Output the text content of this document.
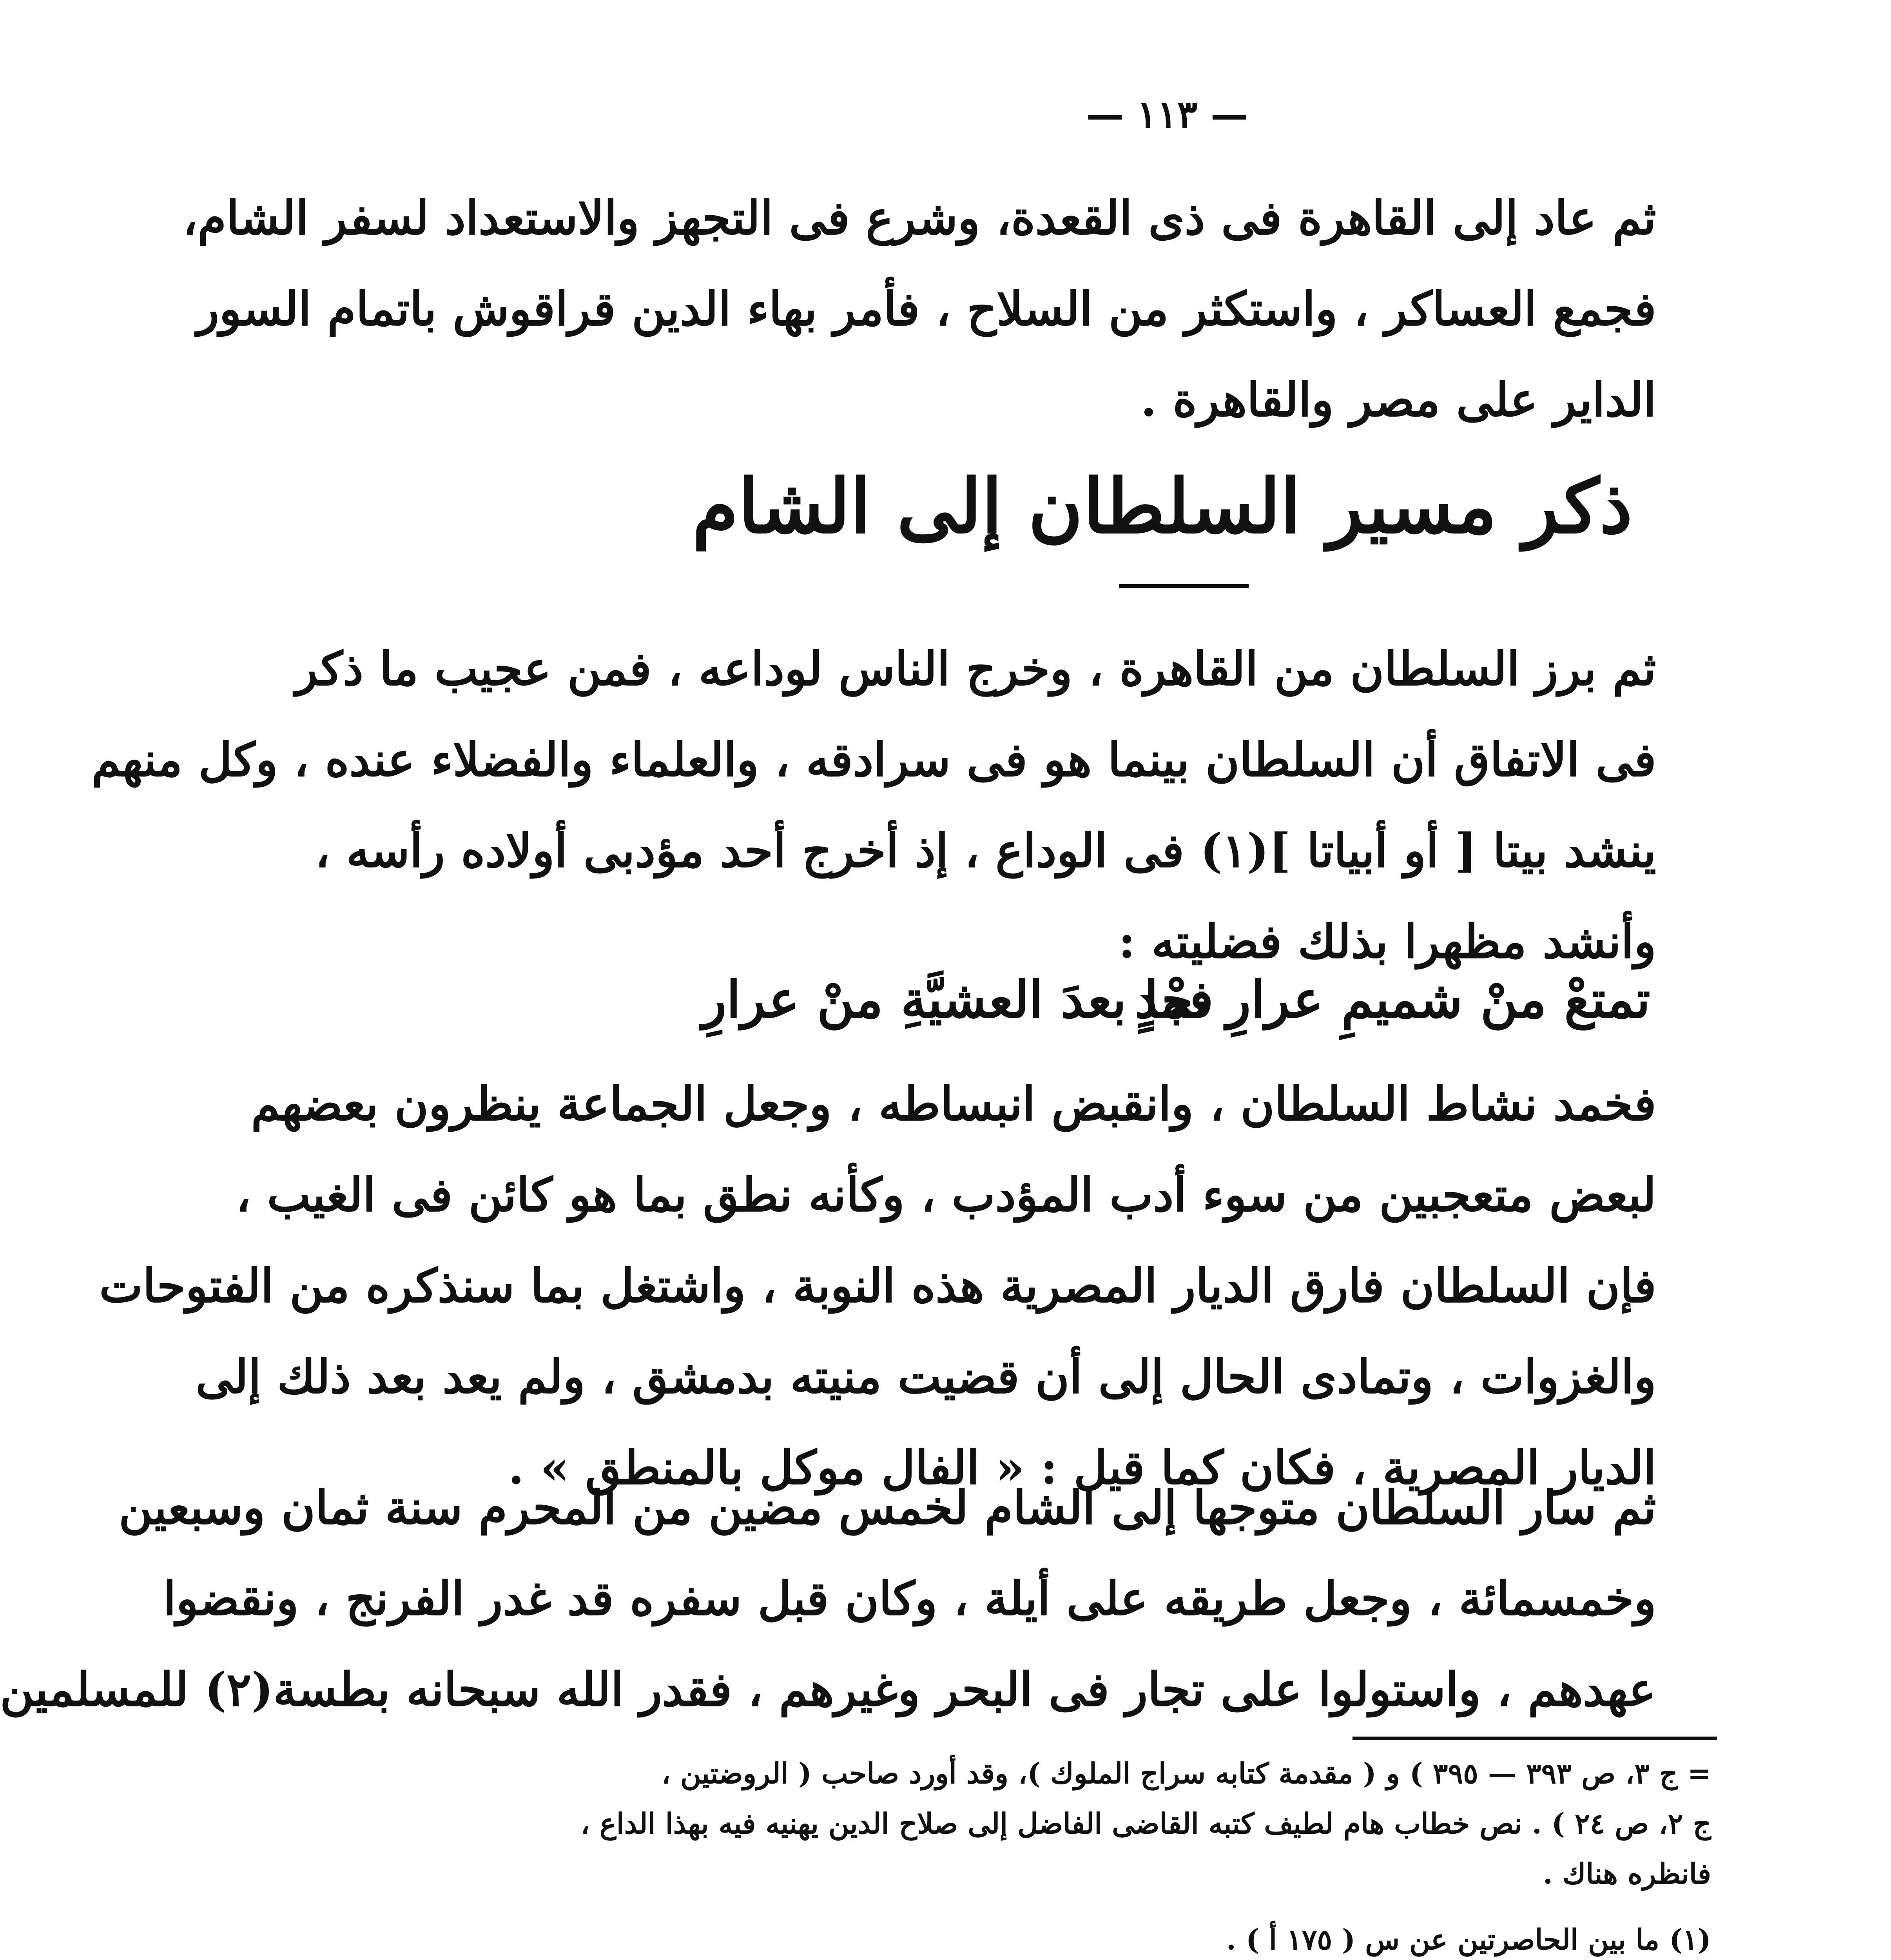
— ١١٣ —
ثم عاد إلى القاهرة فى ذى القعدة، وشرع فى التجهز والاستعداد لسفر الشام،
فجمع العساكر ، واستكثر من السلاح ، فأمر بهاء الدين قراقوش باتمام السور
الداير على مصر والقاهرة .
ذكر مسير السلطان إلى الشام
ثم برز السلطان من القاهرة ، وخرج الناس لوداعه ، فمن عجيب ما ذكر
فى الاتفاق أن السلطان بينما هو فى سرادقه ، والعلماء والفضلاء عنده ، وكل منهم
ينشد بيتا [ أو أبياتا ](١) فى الوداع ، إذ أخرج أحد مؤدبى أولاده رأسه ،
وأنشد مظهرا بذلك فضليته :
تمتعْ منْ شميمِ عرارِ نجْدٍ
فما بعدَ العشيَّةِ منْ عرارِ
فخمد نشاط السلطان ، وانقبض انبساطه ، وجعل الجماعة ينظرون بعضهم
لبعض متعجبين من سوء أدب المؤدب ، وكأنه نطق بما هو كائن فى الغيب ،
فإن السلطان فارق الديار المصرية هذه النوبة ، واشتغل بما سنذكره من الفتوحات
والغزوات ، وتمادى الحال إلى أن قضيت منيته بدمشق ، ولم يعد بعد ذلك إلى
الديار المصرية ، فكان كما قيل : « الفال موكل بالمنطق » .
ثم سار السلطان متوجها إلى الشام لخمس مضين من المحرم سنة ثمان وسبعين
وخمسمائة ، وجعل طريقه على أيلة ، وكان قبل سفره قد غدر الفرنج ، ونقضوا
عهدهم ، واستولوا على تجار فى البحر وغيرهم ، فقدر الله سبحانه بطسة(٢) للمسلمين
= ج ٣، ص ٣٩٣ — ٣٩٥ ) و ( مقدمة كتابه سراج الملوك )، وقد أورد صاحب ( الروضتين ،
ج ٢، ص ٢٤ ) . نص خطاب هام لطيف كتبه القاضى الفاضل إلى صلاح الدين يهنيه فيه بهذا الداع ،
فانظره هناك .
(١) ما بين الحاصرتين عن س ( ١٧٥ أ ) .
